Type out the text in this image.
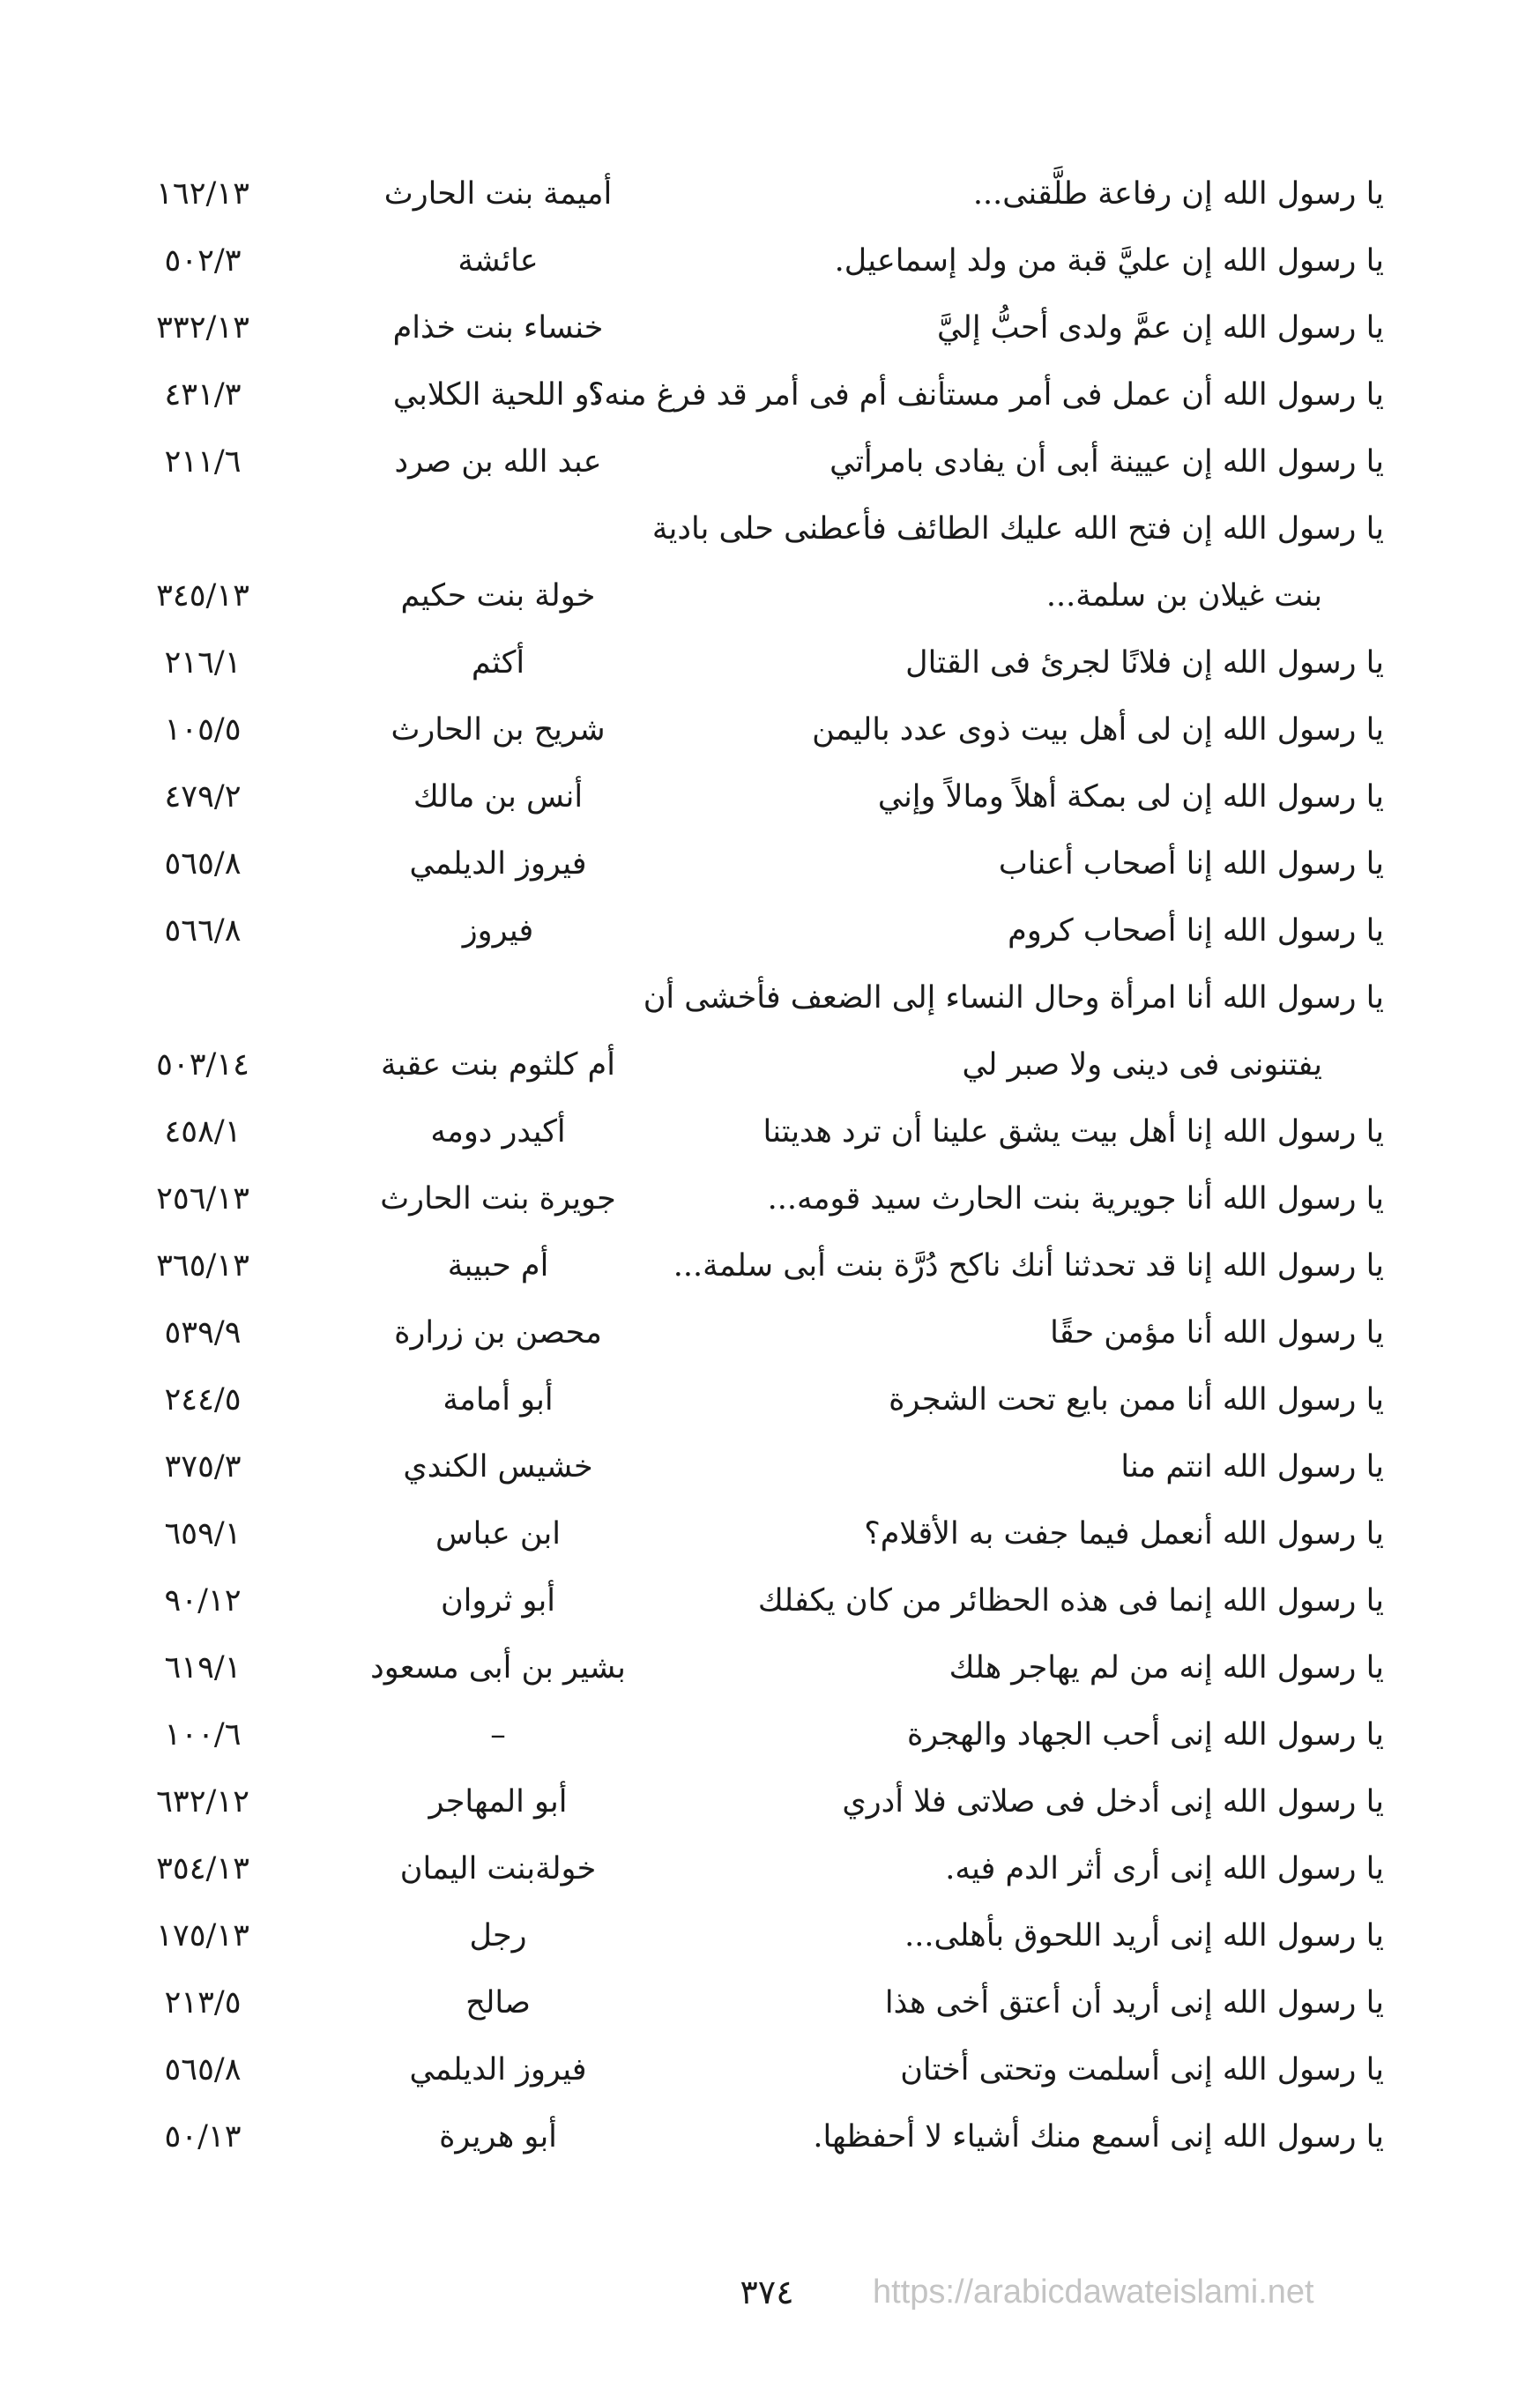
يا رسول الله إن رفاعة طلَّقنى...
أميمة بنت الحارث
١٦٢/١٣
يا رسول الله إن عليَّ قبة من ولد إسماعيل.
عائشة
٥٠٢/٣
يا رسول الله إن عمَّ ولدى أحبُّ إليَّ
خنساء بنت خذام
٣٣٢/١٣
يا رسول الله أن عمل فى أمر مستأنف أم فى أمر قد فرغ منه؟
ذو اللحية الكلابي
٤٣١/٣
يا رسول الله إن عيينة أبى أن يفادى بامرأتي
عبد الله بن صرد
٢١١/٦
يا رسول الله إن فتح الله عليك الطائف فأعطنى حلى بادية
بنت غيلان بن سلمة...
خولة بنت حكيم
٣٤٥/١٣
يا رسول الله إن فلانًا لجرئ فى القتال
أكثم
٢١٦/١
يا رسول الله إن لى أهل بيت ذوى عدد باليمن
شريح بن الحارث
١٠٥/٥
يا رسول الله إن لى بمكة أهلاً ومالاً وإني
أنس بن مالك
٤٧٩/٢
يا رسول الله إنا أصحاب أعناب
فيروز الديلمي
٥٦٥/٨
يا رسول الله إنا أصحاب كروم
فيروز
٥٦٦/٨
يا رسول الله أنا امرأة وحال النساء إلى الضعف فأخشى أن
يفتنونى فى دينى ولا صبر لي
أم كلثوم بنت عقبة
٥٠٣/١٤
يا رسول الله إنا أهل بيت يشق علينا أن ترد هديتنا
أكيدر دومه
٤٥٨/١
يا رسول الله أنا جويرية بنت الحارث سيد قومه...
جويرة بنت الحارث
٢٥٦/١٣
يا رسول الله إنا قد تحدثنا أنك ناكح دُرَّة بنت أبى سلمة...
أم حبيبة
٣٦٥/١٣
يا رسول الله أنا مؤمن حقًا
محصن بن زرارة
٥٣٩/٩
يا رسول الله أنا ممن بايع تحت الشجرة
أبو أمامة
٢٤٤/٥
يا رسول الله انتم منا
خشيس الكندي
٣٧٥/٣
يا رسول الله أنعمل فيما جفت به الأقلام؟
ابن عباس
٦٥٩/١
يا رسول الله إنما فى هذه الحظائر من كان يكفلك
أبو ثروان
٩٠/١٢
يا رسول الله إنه من لم يهاجر هلك
بشير بن أبى مسعود
٦١٩/١
يا رسول الله إنى أحب الجهاد والهجرة
–
١٠٠/٦
يا رسول الله إنى أدخل فى صلاتى فلا أدري
أبو المهاجر
٦٣٢/١٢
يا رسول الله إنى أرى أثر الدم فيه.
خولةبنت اليمان
٣٥٤/١٣
يا رسول الله إنى أريد اللحوق بأهلى...
رجل
١٧٥/١٣
يا رسول الله إنى أريد أن أعتق أخى هذا
صالح
٢١٣/٥
يا رسول الله إنى أسلمت وتحتى أختان
فيروز الديلمي
٥٦٥/٨
يا رسول الله إنى أسمع منك أشياء لا أحفظها.
أبو هريرة
٥٠/١٣
https://arabicdawateislami.net
٣٧٤
